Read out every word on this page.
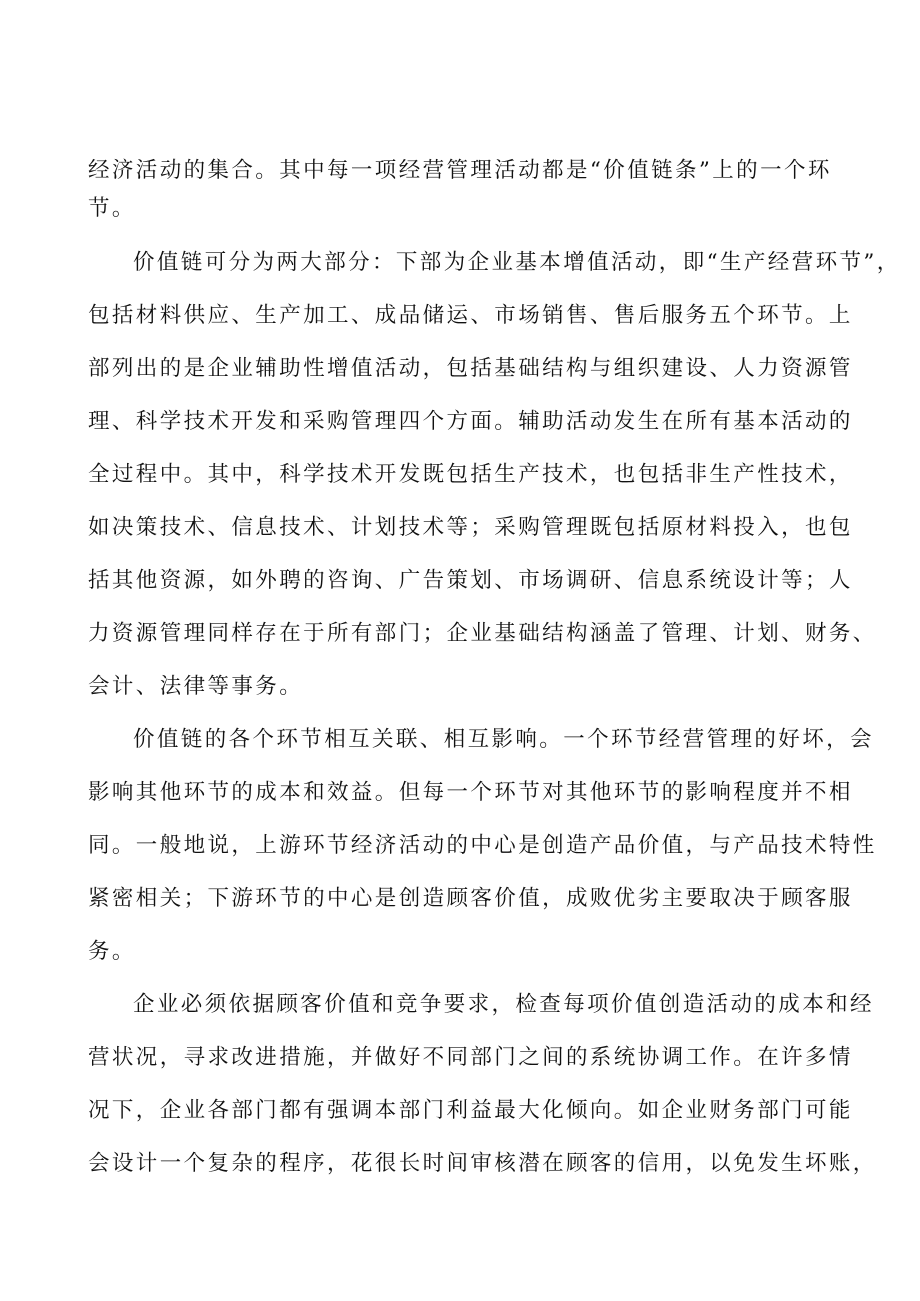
经济活动的集合。其中每一项经营管理活动都是“价值链条”上的一个环
节。
价值链可分为两大部分：下部为企业基本增值活动，即“生产经营环节”，
包括材料供应、生产加工、成品储运、市场销售、售后服务五个环节。上
部列出的是企业辅助性增值活动，包括基础结构与组织建设、人力资源管
理、科学技术开发和采购管理四个方面。辅助活动发生在所有基本活动的
全过程中。其中，科学技术开发既包括生产技术，也包括非生产性技术，
如决策技术、信息技术、计划技术等；采购管理既包括原材料投入，也包
括其他资源，如外聘的咨询、广告策划、市场调研、信息系统设计等；人
力资源管理同样存在于所有部门；企业基础结构涵盖了管理、计划、财务、
会计、法律等事务。
价值链的各个环节相互关联、相互影响。一个环节经营管理的好坏，会
影响其他环节的成本和效益。但每一个环节对其他环节的影响程度并不相
同。一般地说，上游环节经济活动的中心是创造产品价值，与产品技术特性
紧密相关；下游环节的中心是创造顾客价值，成败优劣主要取决于顾客服
务。
企业必须依据顾客价值和竞争要求，检查每项价值创造活动的成本和经
营状况，寻求改进措施，并做好不同部门之间的系统协调工作。在许多情
况下，企业各部门都有强调本部门利益最大化倾向。如企业财务部门可能
会设计一个复杂的程序，花很长时间审核潜在顾客的信用，以免发生坏账，
